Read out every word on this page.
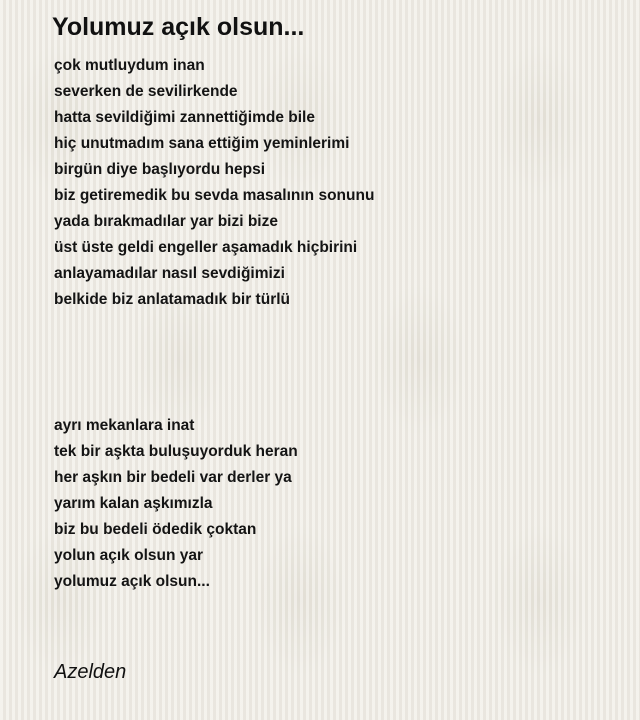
Yolumuz açık olsun...
çok mutluydum inan
severken de sevilirkende
hatta sevildiğimi zannettiğimde bile
hiç unutmadım sana ettiğim yeminlerimi
birgün diye başlıyordu hepsi
biz getiremedik bu sevda masalının sonunu
yada bırakmadılar yar bizi bize
üst üste geldi engeller aşamadık hiçbirini
anlayamadılar nasıl sevdiğimizi
belkide biz anlatamadık bir türlü
ayrı mekanlara inat
tek bir aşkta buluşuyorduk heran
her aşkın bir bedeli var derler ya
yarım kalan aşkımızla
biz bu bedeli ödedik çoktan
yolun açık olsun yar
yolumuz açık olsun...

Azelden
